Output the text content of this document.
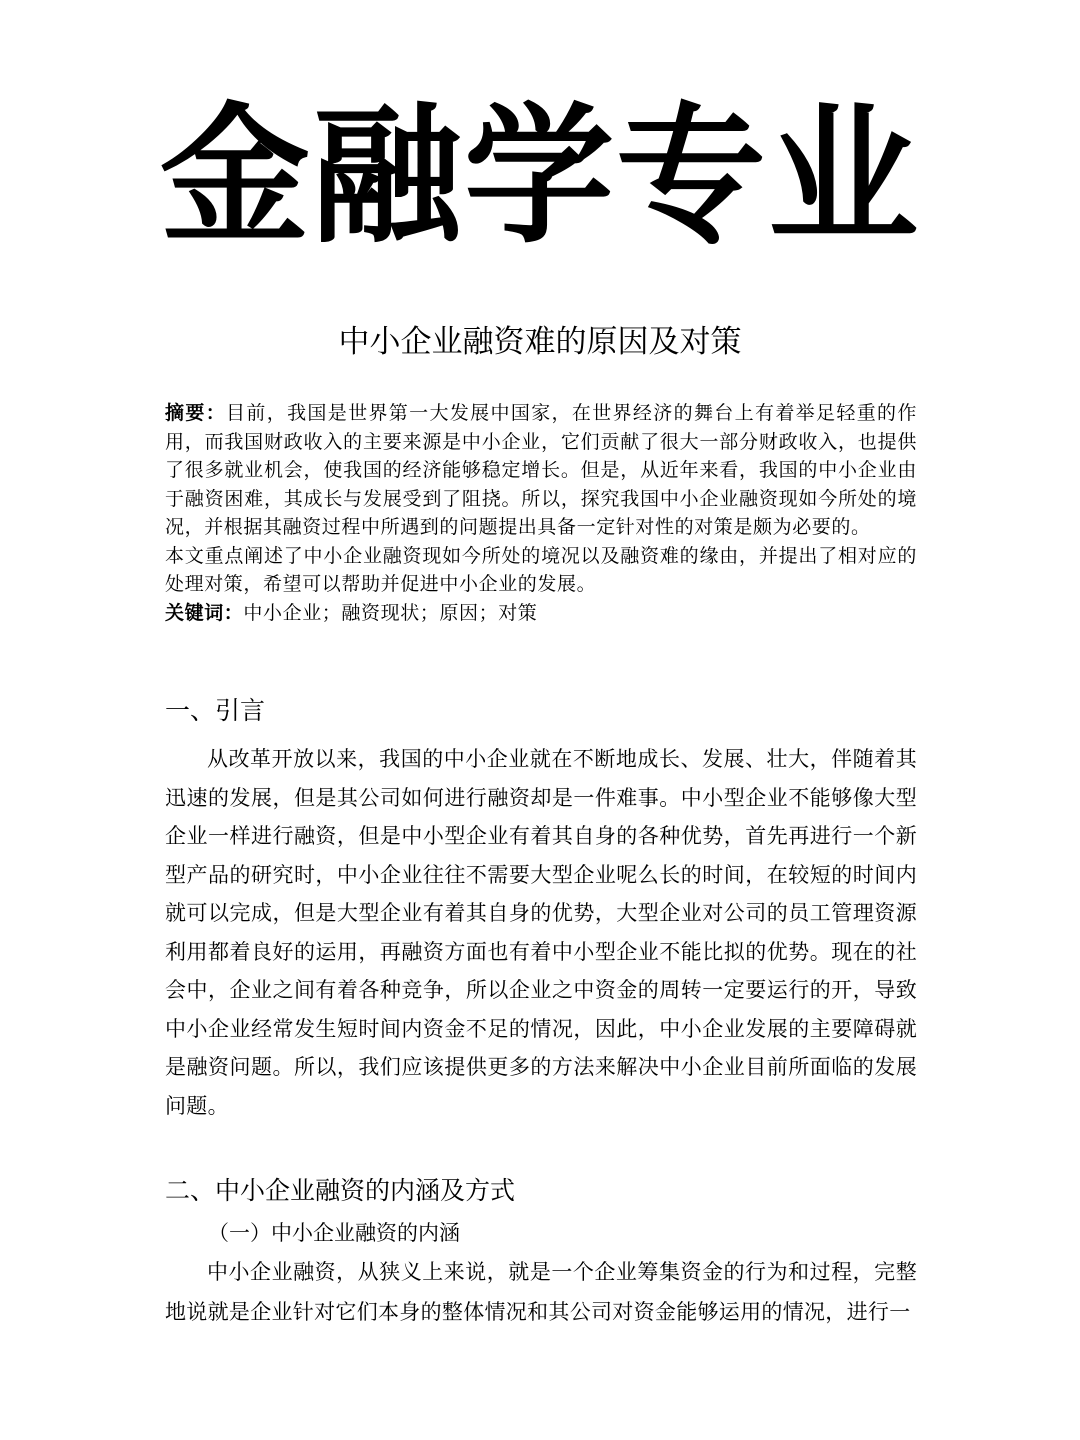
金融学专业
中小企业融资难的原因及对策

摘要：目前，我国是世界第一大发展中国家，在世界经济的舞台上有着举足轻重的作用，而我国财政收入的主要来源是中小企业，它们贡献了很大一部分财政收入，也提供了很多就业机会，使我国的经济能够稳定增长。但是，从近年来看，我国的中小企业由于融资困难，其成长与发展受到了阻挠。所以，探究我国中小企业融资现如今所处的境况，并根据其融资过程中所遇到的问题提出具备一定针对性的对策是颇为必要的。

本文重点阐述了中小企业融资现如今所处的境况以及融资难的缘由，并提出了相对应的处理对策，希望可以帮助并促进中小企业的发展。

关键词：中小企业；融资现状；原因；对策

一、引言
从改革开放以来，我国的中小企业就在不断地成长、发展、壮大，伴随着其迅速的发展，但是其公司如何进行融资却是一件难事。中小型企业不能够像大型企业一样进行融资，但是中小型企业有着其自身的各种优势，首先再进行一个新型产品的研究时，中小企业往往不需要大型企业呢么长的时间，在较短的时间内就可以完成，但是大型企业有着其自身的优势，大型企业对公司的员工管理资源利用都着良好的运用，再融资方面也有着中小型企业不能比拟的优势。现在的社会中，企业之间有着各种竞争，所以企业之中资金的周转一定要运行的开，导致中小企业经常发生短时间内资金不足的情况，因此，中小企业发展的主要障碍就是融资问题。所以，我们应该提供更多的方法来解决中小企业目前所面临的发展问题。
二、中小企业融资的内涵及方式
（一）中小企业融资的内涵
中小企业融资，从狭义上来说，就是一个企业筹集资金的行为和过程，完整地说就是企业针对它们本身的整体情况和其公司对资金能够运用的情况，进行一
